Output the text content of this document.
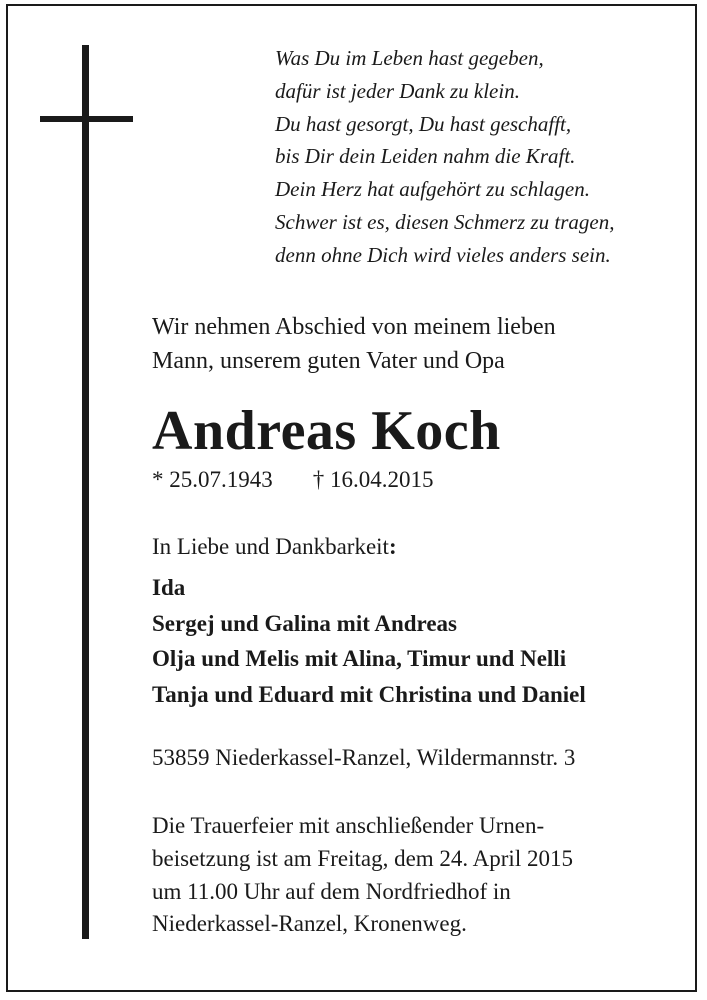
Was Du im Leben hast gegeben,
dafür ist jeder Dank zu klein.
Du hast gesorgt, Du hast geschafft,
bis Dir dein Leiden nahm die Kraft.
Dein Herz hat aufgehört zu schlagen.
Schwer ist es, diesen Schmerz zu tragen,
denn ohne Dich wird vieles anders sein.
Wir nehmen Abschied von meinem lieben
Mann, unserem guten Vater und Opa
Andreas Koch
* 25.07.1943 † 16.04.2015
In Liebe und Dankbarkeit:
Ida
Sergej und Galina mit Andreas
Olja und Melis mit Alina, Timur und Nelli
Tanja und Eduard mit Christina und Daniel
53859 Niederkassel-Ranzel, Wildermannstr. 3
Die Trauerfeier mit anschließender Urnen-
beisetzung ist am Freitag, dem 24. April 2015
um 11.00 Uhr auf dem Nordfriedhof in
Niederkassel-Ranzel, Kronenweg.
